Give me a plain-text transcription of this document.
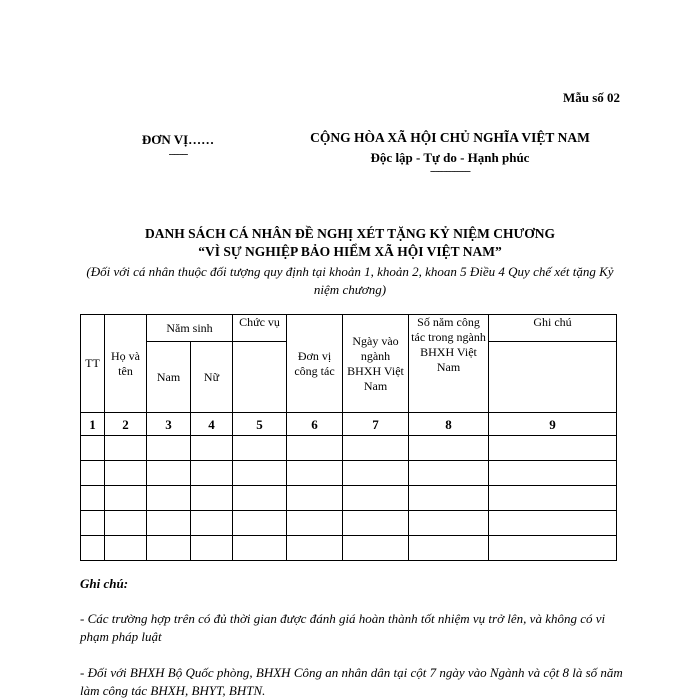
Mẫu số 02
ĐƠN VỊ……
-------
CỘNG HÒA XÃ HỘI CHỦ NGHĨA VIỆT NAM
Độc lập - Tự do - Hạnh phúc
---------------
DANH SÁCH CÁ NHÂN ĐỀ NGHỊ XÉT TẶNG KỶ NIỆM CHƯƠNG
“VÌ SỰ NGHIỆP BẢO HIỂM XÃ HỘI VIỆT NAM”
(Đối với cá nhân thuộc đối tượng quy định tại khoản 1, khoản 2, khoan 5 Điều 4 Quy chế xét tặng Kỷ niệm chương)
TT	Họ và tên	Năm sinh		Chức vụ	Đơn vị công tác	Ngày vào ngành BHXH Việt Nam	Số năm công tác trong ngành BHXH Việt Nam	Ghi chú
		Nam	Nữ					
1	2	3	4	5	6	7	8	9

Ghi chú:
- Các trường hợp trên có đủ thời gian được đánh giá hoàn thành tốt nhiệm vụ trở lên, và không có vi phạm pháp luật
- Đối với BHXH Bộ Quốc phòng, BHXH Công an nhân dân tại cột 7 ngày vào Ngành và cột 8 là số năm làm công tác BHXH, BHYT, BHTN.
